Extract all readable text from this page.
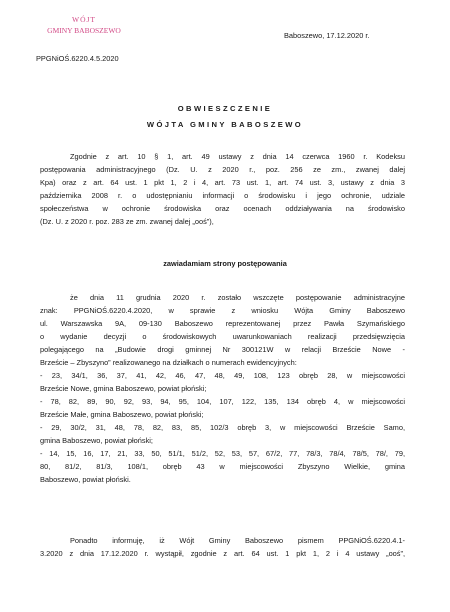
WÓJT
GMINY BABOSZEWO
Baboszewo, 17.12.2020 r.
PPGNiOŚ.6220.4.5.2020
OBWIESZCZENIE
WÓJTA GMINY BABOSZEWO
Zgodnie z art. 10 § 1, art. 49 ustawy z dnia 14 czerwca 1960 r. Kodeksu
postępowania administracyjnego (Dz. U. z 2020 r., poz. 256 ze zm., zwanej dalej
Kpa) oraz z art. 64 ust. 1 pkt 1, 2 i 4, art. 73 ust. 1, art. 74 ust. 3, ustawy z dnia 3
października 2008 r. o udostępnianiu informacji o środowisku i jego ochronie, udziale
społeczeństwa w ochronie środowiska oraz ocenach oddziaływania na środowisko
(Dz. U. z 2020 r. poz. 283 ze zm. zwanej dalej „ooś”),
zawiadamiam strony postępowania
że dnia 11 grudnia 2020 r. zostało wszczęte postępowanie administracyjne
znak: PPGNiOŚ.6220.4.2020, w sprawie z wniosku Wójta Gminy Baboszewo
ul. Warszawska 9A, 09-130 Baboszewo reprezentowanej przez Pawła Szymańskiego
o wydanie decyzji o środowiskowych uwarunkowaniach realizacji przedsięwzięcia
polegającego na „Budowie drogi gminnej Nr 300121W w relacji Brzeście Nowe -
Brzeście – Zbyszyno” realizowanego na działkach o numerach ewidencyjnych:
- 23, 34/1, 36, 37, 41, 42, 46, 47, 48, 49, 108, 123 obręb 28, w miejscowości
Brzeście Nowe, gmina Baboszewo, powiat płoński;
- 78, 82, 89, 90, 92, 93, 94, 95, 104, 107, 122, 135, 134 obręb 4, w miejscowości
Brzeście Małe, gmina Baboszewo, powiat płoński;
- 29, 30/2, 31, 48, 78, 82, 83, 85, 102/3 obręb 3, w miejscowości Brzeście Samo,
gmina Baboszewo, powiat płoński;
- 14, 15, 16, 17, 21, 33, 50, 51/1, 51/2, 52, 53, 57, 67/2, 77, 78/3, 78/4, 78/5, 78/, 79,
80, 81/2, 81/3, 108/1, obręb 43 w miejscowości Zbyszyno Wielkie, gmina
Baboszewo, powiat płoński.
Ponadto informuję, iż Wójt Gminy Baboszewo pismem PPGNiOŚ.6220.4.1-
3.2020 z dnia 17.12.2020 r. wystąpił, zgodnie z art. 64 ust. 1 pkt 1, 2 i 4 ustawy „ooś”,
